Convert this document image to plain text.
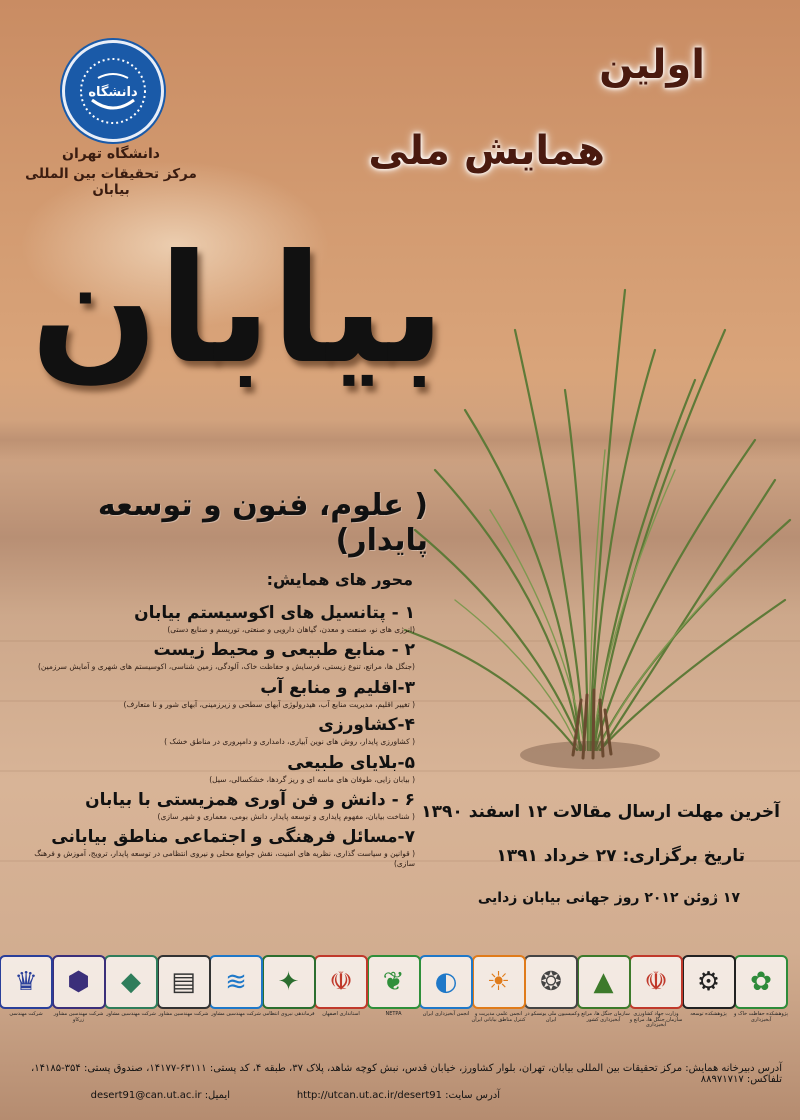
دانشگاه
دانشگاه تهران
مرکز تحقیقات بین المللی بیابان
اولین
همایش ملی
بیابان
( علوم، فنون و توسعه پایدار)
محور های همایش:
۱ - پتانسیل های اکوسیستم بیابان
(انرژی های نو، صنعت و معدن، گیاهان دارویی و صنعتی، توریسم و صنایع دستی)
۲ - منابع طبیعی و محیط زیست
(جنگل ها، مراتع، تنوع زیستی، فرسایش و حفاظت خاک، آلودگی، زمین شناسی، اکوسیستم های شهری و آمایش سرزمین)
۳-اقلیم و منابع آب
( تغییر اقلیم، مدیریت منابع آب، هیدرولوژی آبهای سطحی و زیرزمینی، آبهای شور و نا متعارف)
۴-کشاورزی
( کشاورزی پایدار، روش های نوین آبیاری، دامداری و دامپروری در مناطق خشک )
۵-بلایای طبیعی
( بیابان زایی، طوفان های ماسه ای و ریز گردها، خشکسالی، سیل)
۶ - دانش و فن آوری همزیستی با بیابان
( شناخت بیابان، مفهوم پایداری و توسعه پایدار، دانش بومی، معماری و شهر سازی)
۷-مسائل فرهنگی و اجتماعی مناطق بیابانی
( قوانین و سیاست گذاری، نظریه های امنیت، نقش جوامع محلی و نیروی انتظامی در توسعه پایدار، ترویج، آموزش و فرهنگ سازی)
آخرین مهلت ارسال مقالات ۱۲ اسفند ۱۳۹۰
تاریخ برگزاری: ۲۷ خرداد ۱۳۹۱
۱۷ ژوئن ۲۰۱۲ روز جهانی بیابان زدایی
✿
پژوهشکده حفاظت خاک و آبخیزداری
⚙
پژوهشکده توسعه
☫
وزارت جهاد کشاورزی سازمان جنگل ها، مراتع و آبخیزداری
▲
سازمان جنگل ها، مراتع و آبخیزداری کشور
❂
کمیسیون ملی یونسکو در ایران
☀
انجمن علمی مدیریت و کنترل مناطق بیابانی ایران
◐
انجمن آبخیزداری ایران
❦
NETPA
☫
استانداری اصفهان
✦
فرماندهی نیروی انتظامی
≋
شرکت مهندسین مشاور
▤
شرکت مهندسین مشاور
◆
شرکت مهندسین مشاور
⬢
شرکت مهندسین مشاور زرکاو
♛
شرکت مهندسی
آدرس دبیرخانه همایش: مرکز تحقیقات بین المللی بیابان، تهران، بلوار کشاورز، خیابان قدس، نبش کوچه شاهد، پلاک ۳۷، طبقه ۴، کد پستی: ۶۳۱۱۱-۱۴۱۷۷، صندوق پستی: ۳۵۴-۱۴۱۸۵، تلفاکس: ۸۸۹۷۱۷۱۷
آدرس سایت: http://utcan.ut.ac.ir/desert91
ایمیل: desert91@can.ut.ac.ir
